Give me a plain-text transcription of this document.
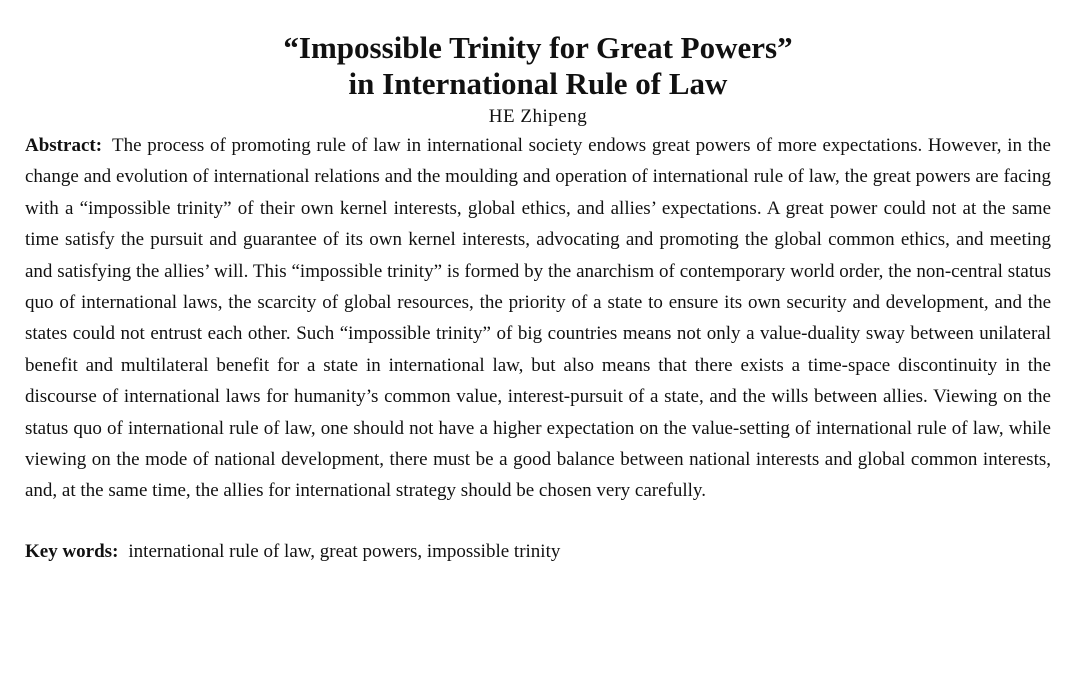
“Impossible Trinity for Great Powers”
in International Rule of Law
HE Zhipeng

Abstract: The process of promoting rule of law in international society endows great powers of more expectations. However, in the change and evolution of international relations and the moulding and operation of international rule of law, the great powers are facing with a “impossible trinity” of their own kernel interests, global ethics, and allies’ expectations. A great power could not at the same time satisfy the pursuit and guarantee of its own kernel interests, advocating and promoting the global common ethics, and meeting and satisfying the allies’ will. This “impossible trinity” is formed by the anarchism of contemporary world order, the non-central status quo of international laws, the scarcity of global resources, the priority of a state to ensure its own security and development, and the states could not entrust each other. Such “impossible trinity” of big countries means not only a value-duality sway between unilateral benefit and multilateral benefit for a state in international law, but also means that there exists a time-space discontinuity in the discourse of international laws for humanity’s common value, interest-pursuit of a state, and the wills between allies. Viewing on the status quo of international rule of law, one should not have a higher expectation on the value-setting of international rule of law, while viewing on the mode of national development, there must be a good balance between national interests and global common interests, and, at the same time, the allies for international strategy should be chosen very carefully.

Key words: international rule of law, great powers, impossible trinity
